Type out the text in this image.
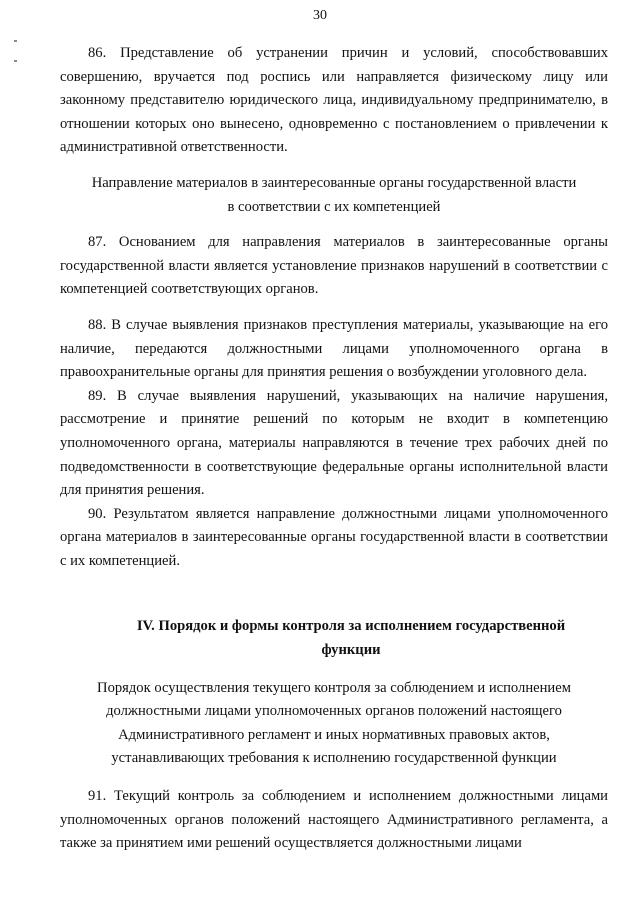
30

86. Представление об устранении причин и условий, способствовавших совершению, вручается под роспись или направляется физическому лицу или законному представителю юридического лица, индивидуальному предпринимателю, в отношении которых оно вынесено, одновременно с постановлением о привлечении к административной ответственности.

Направление материалов в заинтересованные органы государственной власти

в соответствии с их компетенцией

87. Основанием для направления материалов в заинтересованные органы государственной власти является установление признаков нарушений в соответствии с компетенцией соответствующих органов.

88. В случае выявления признаков преступления материалы, указывающие на его наличие, передаются должностными лицами уполномоченного органа в правоохранительные органы для принятия решения о возбуждении уголовного дела.

89. В случае выявления нарушений, указывающих на наличие нарушения, рассмотрение и принятие решений по которым не входит в компетенцию уполномоченного органа, материалы направляются в течение трех рабочих дней по подведомственности в соответствующие федеральные органы исполнительной власти для принятия решения.

90. Результатом является направление должностными лицами уполномоченного органа материалов в заинтересованные органы государственной власти в соответствии с их компетенцией.

IV. Порядок и формы контроля за исполнением государственной

функции

Порядок осуществления текущего контроля за соблюдением и исполнением

должностными лицами уполномоченных органов положений настоящего

Административного регламент и иных нормативных правовых актов,

устанавливающих требования к исполнению государственной функции

91. Текущий контроль за соблюдением и исполнением должностными лицами уполномоченных органов положений настоящего Административного регламента, а также за принятием ими решений осуществляется должностными лицами
